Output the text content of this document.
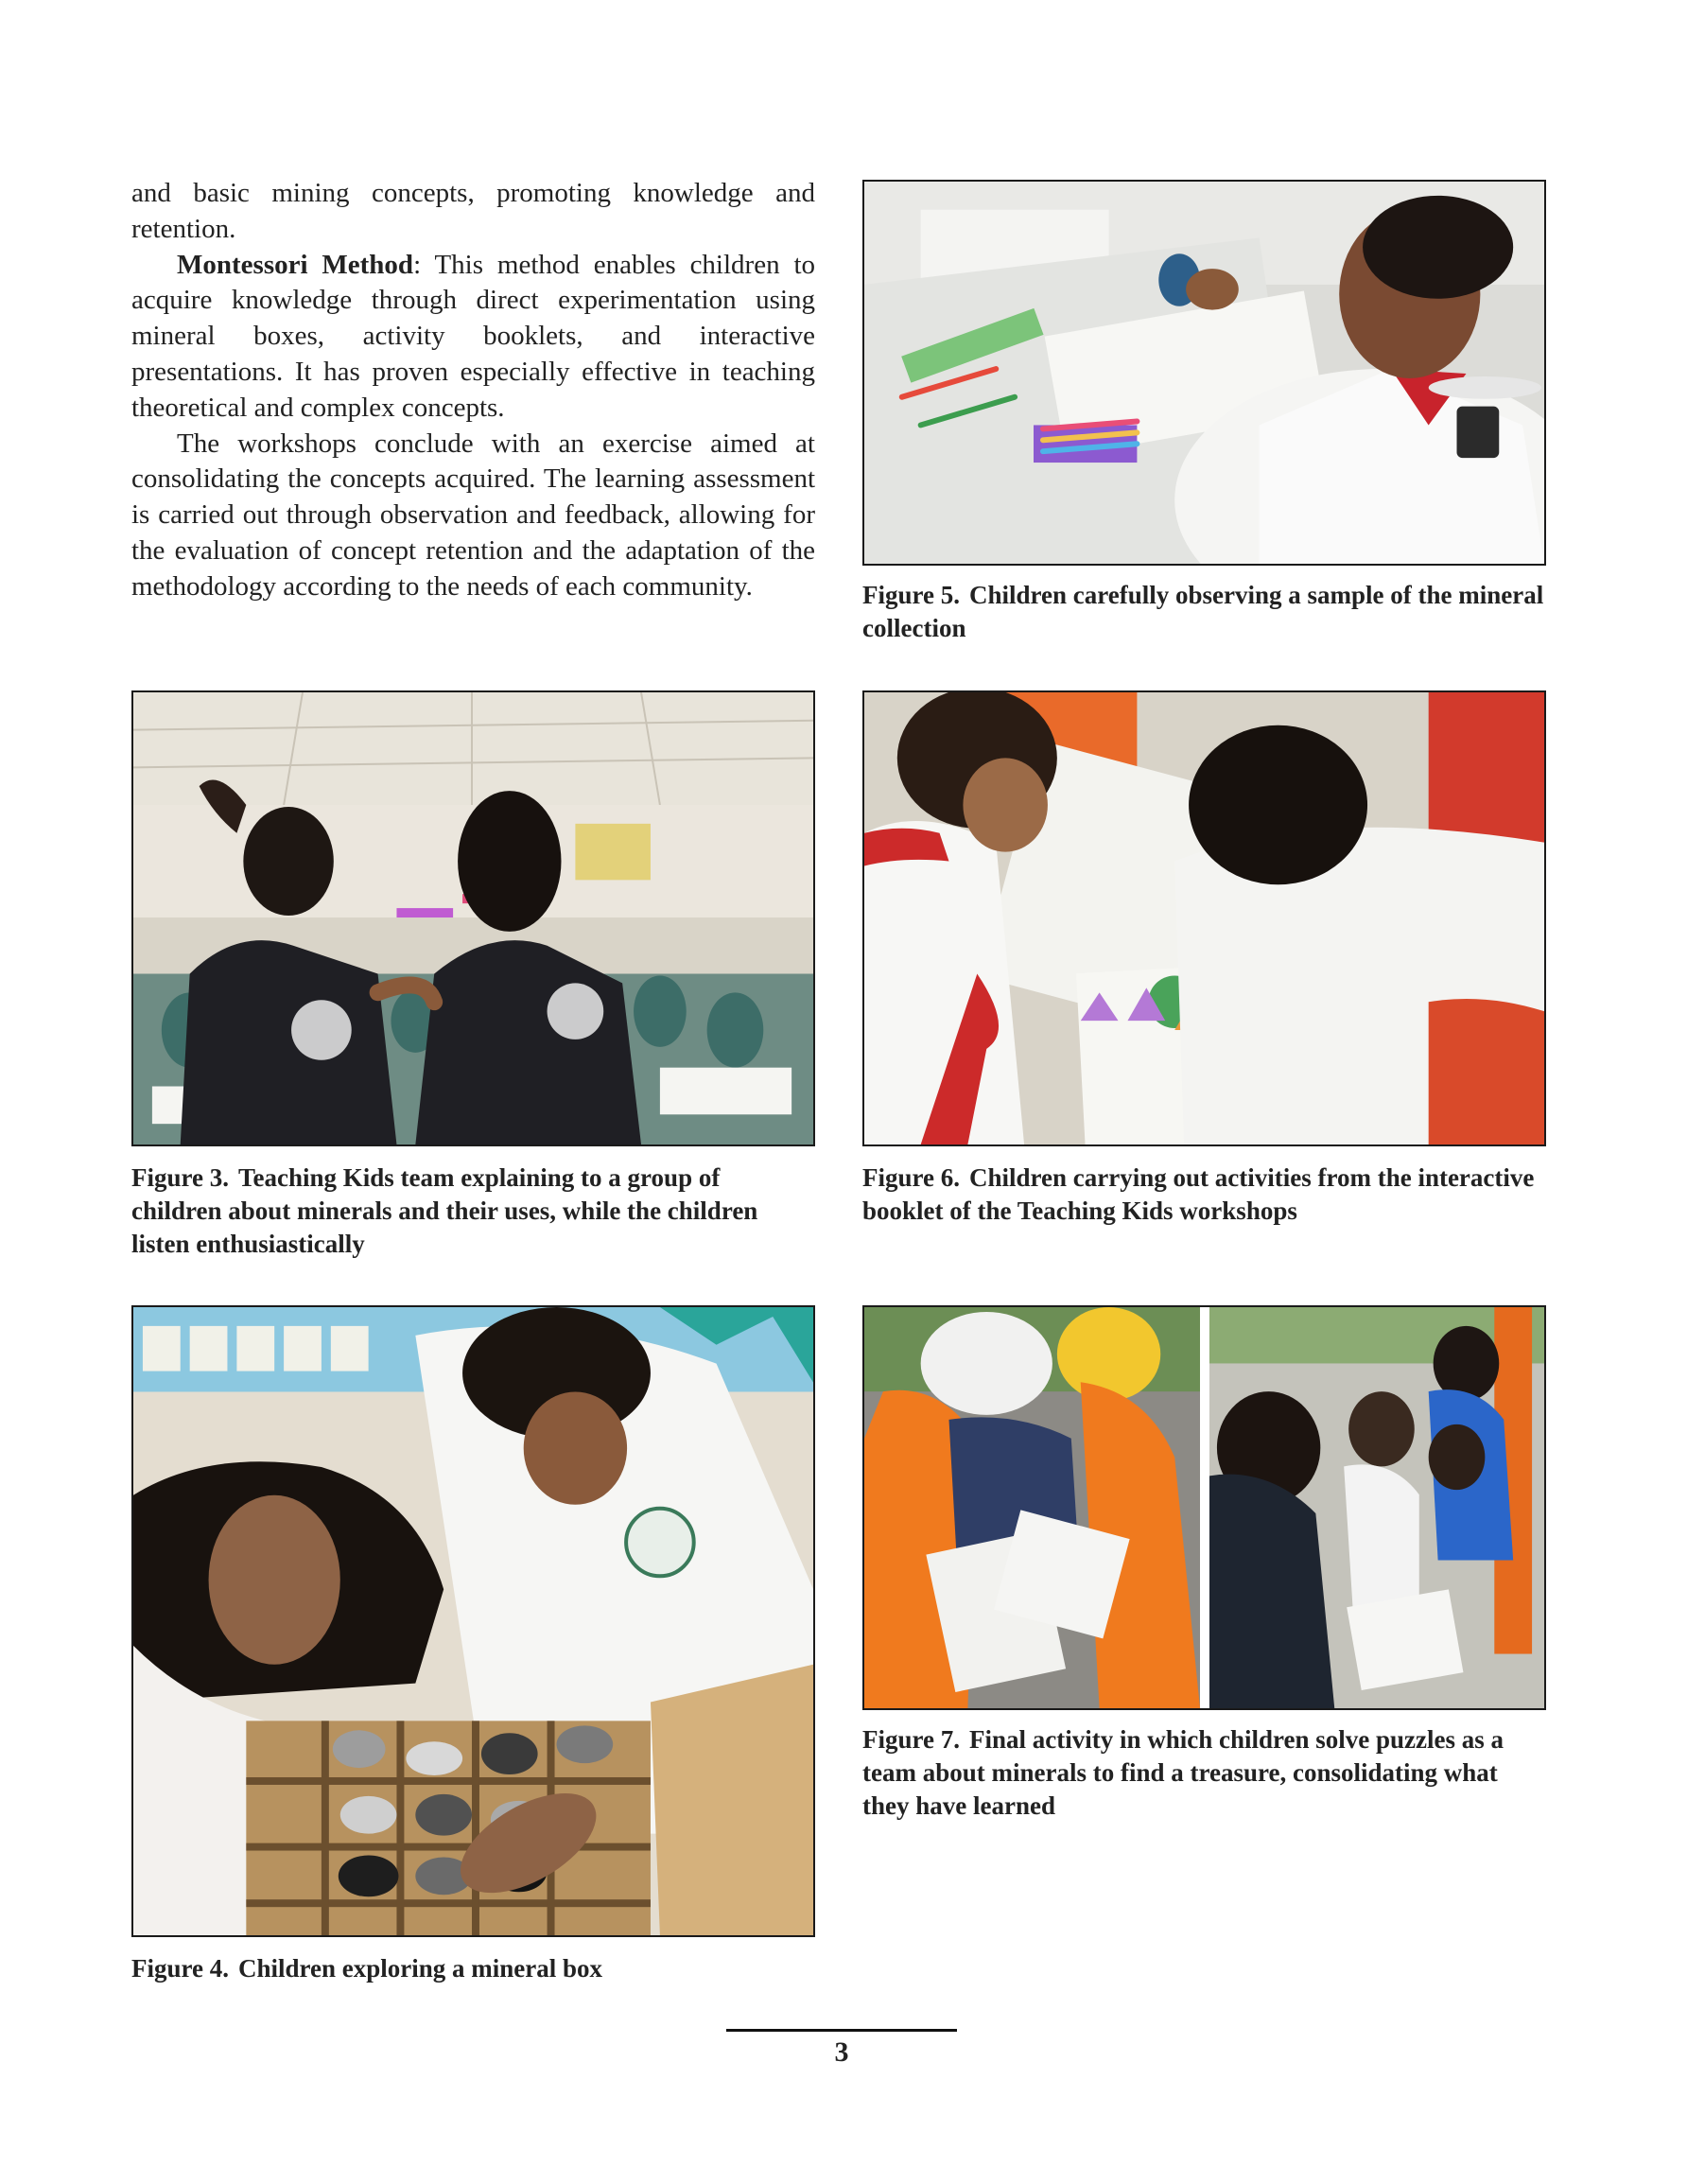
and basic mining concepts, promoting knowledge and retention.

Montessori Method: This method enables children to acquire knowledge through direct experimentation using mineral boxes, activity booklets, and interactive presentations. It has proven especially effective in teaching theoretical and complex concepts.

The workshops conclude with an exercise aimed at consolidating the concepts acquired. The learning assessment is carried out through observation and feedback, allowing for the evaluation of concept retention and the adaptation of the methodology according to the needs of each community.	Figure 5. Children carefully observing a sample of the mineral collection
Figure 3. Teaching Kids team explaining to a group of children about minerals and their uses, while the children listen enthusiastically
Figure 6. Children carrying out activities from the interactive booklet of the Teaching Kids workshops
Figure 4. Children exploring a mineral box
Figure 7. Final activity in which children solve puzzles as a team about minerals to find a treasure, consolidating what they have learned
3
